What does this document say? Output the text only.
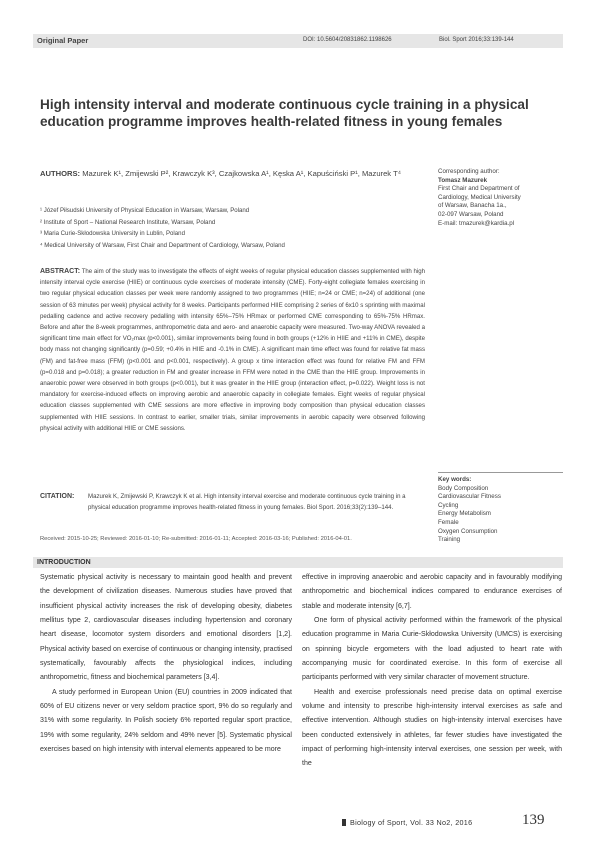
Original Paper	DOI: 10.5604/20831862.1198626	Biol. Sport 2016;33:139-144
High intensity interval and moderate continuous cycle training in a physical education programme improves health-related fitness in young females
AUTHORS: Mazurek K¹, Zmijewski P², Krawczyk K³, Czajkowska A¹, Kęska A¹, Kapuściński P¹, Mazurek T⁴	Corresponding author:
Tomasz Mazurek
First Chair and Department of
Cardiology, Medical University
of Warsaw, Banacha 1a.,
02-097 Warsaw, Poland
E-mail: tmazurek@kardia.pl
¹ Józef Piłsudski University of Physical Education in Warsaw, Warsaw, Poland
² Institute of Sport – National Research Institute, Warsaw, Poland
³ Maria Curie-Skłodowska University in Lublin, Poland
⁴ Medical University of Warsaw, First Chair and Department of Cardiology, Warsaw, Poland
ABSTRACT: The aim of the study was to investigate the effects of eight weeks of regular physical education classes supplemented with high intensity interval cycle exercise (HIIE) or continuous cycle exercises of moderate intensity (CME). Forty-eight collegiate females exercising in two regular physical education classes per week were randomly assigned to two programmes (HIIE; n=24 or CME; n=24) of additional (one session of 63 minutes per week) physical activity for 8 weeks. Participants performed HIIE comprising 2 series of 6x10 s sprinting with maximal pedalling cadence and active recovery pedalling with intensity 65%–75% HRmax or performed CME corresponding to 65%-75% HRmax. Before and after the 8-week programmes, anthropometric data and aero- and anaerobic capacity were measured. Two-way ANOVA revealed a significant time main effect for VO₂max (p<0.001), similar improvements being found in both groups (+12% in HIIE and +11% in CME), despite body mass not changing significantly (p=0.59; +0.4% in HIIE and -0.1% in CME). A significant main time effect was found for relative fat mass (FM) and fat-free mass (FFM) (p<0.001 and p<0.001, respectively). A group x time interaction effect was found for relative FM and FFM (p=0.018 and p=0.018); a greater reduction in FM and greater increase in FFM were noted in the CME than the HIIE group. Improvements in anaerobic power were observed in both groups (p<0.001), but it was greater in the HIIE group (interaction effect, p=0.022). Weight loss is not mandatory for exercise-induced effects on improving aerobic and anaerobic capacity in collegiate females. Eight weeks of regular physical education classes supplemented with CME sessions are more effective in improving body composition than physical education classes supplemented with HIIE sessions. In contrast to earlier, smaller trials, similar improvements in aerobic capacity were observed following physical activity with additional HIIE or CME sessions.
Key words:
Body Composition
Cardiovascular Fitness
Cycling
Energy Metabolism
Female
Oxygen Consumption
Training
CITATION: Mazurek K, Zmijewski P, Krawczyk K et al. High intensity interval exercise and moderate continuous cycle training in a physical education programme improves health-related fitness in young females. Biol Sport. 2016;33(2):139–144.
Received: 2015-10-25; Reviewed: 2016-01-10; Re-submitted: 2016-01-11; Accepted: 2016-03-16; Published: 2016-04-01.
INTRODUCTION

Systematic physical activity is necessary to maintain good health and prevent the development of civilization diseases. Numerous studies have proved that insufficient physical activity increases the risk of developing obesity, diabetes mellitus type 2, cardiovascular diseases including hypertension and coronary heart disease, locomotor system disorders and emotional disorders [1,2]. Physical activity based on exercise of continuous or changing intensity, practised systematically, favourably affects the physiological indices, including anthropometric, fitness and biochemical parameters [3,4].

A study performed in European Union (EU) countries in 2009 indicated that 60% of EU citizens never or very seldom practice sport, 9% do so regularly and 31% with some regularity. In Polish society 6% reported regular sport practice, 19% with some regularity, 24% seldom and 49% never [5]. Systematic physical exercises based on high intensity with interval elements appeared to be more

effective in improving anaerobic and aerobic capacity and in favourably modifying anthropometric and biochemical indices compared to endurance exercises of stable and moderate intensity [6,7].

One form of physical activity performed within the framework of the physical education programme in Maria Curie-Skłodowska University (UMCS) is exercising on spinning bicycle ergometers with the load adjusted to heart rate with accompanying music for coordinated exercise. In this form of exercise all participants performed with very similar character of movement structure.

Health and exercise professionals need precise data on optimal exercise volume and intensity to prescribe high-intensity interval exercises as safe and effective intervention. Although studies on high-intensity interval exercises have been conducted extensively in athletes, far fewer studies have investigated the impact of performing high-intensity interval exercises, one session per week, with the

Biology of Sport, Vol. 33 No2, 2016	139
